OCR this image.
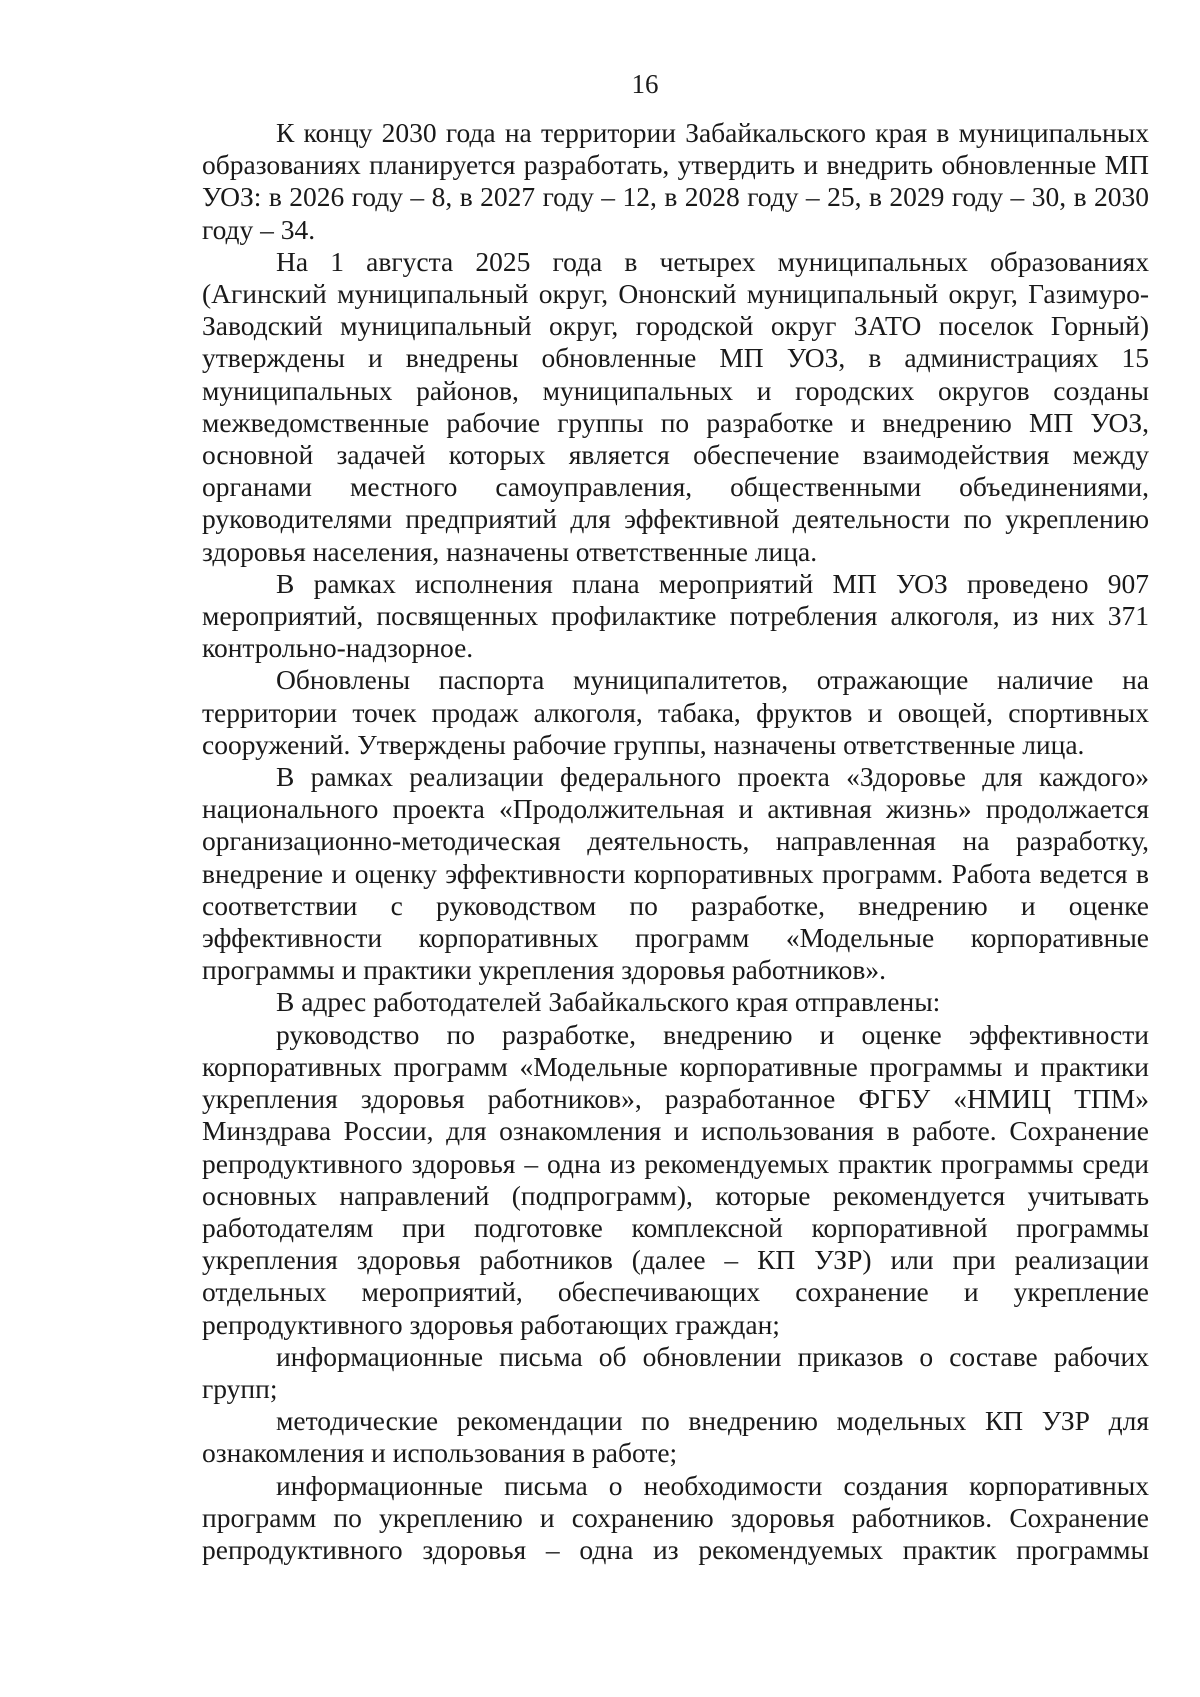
16

К концу 2030 года на территории Забайкальского края в муниципальных образованиях планируется разработать, утвердить и внедрить обновленные МП УОЗ: в 2026 году – 8, в 2027 году – 12, в 2028 году – 25, в 2029 году – 30, в 2030 году – 34.

На 1 августа 2025 года в четырех муниципальных образованиях (Агинский муниципальный округ, Ононский муниципальный округ, Газимуро-Заводский муниципальный округ, городской округ ЗАТО поселок Горный) утверждены и внедрены обновленные МП УОЗ, в администрациях 15 муниципальных районов, муниципальных и городских округов созданы межведомственные рабочие группы по разработке и внедрению МП УОЗ, основной задачей которых является обеспечение взаимодействия между органами местного самоуправления, общественными объединениями, руководителями предприятий для эффективной деятельности по укреплению здоровья населения, назначены ответственные лица.

В рамках исполнения плана мероприятий МП УОЗ проведено 907 мероприятий, посвященных профилактике потребления алкоголя, из них 371 контрольно-надзорное.

Обновлены паспорта муниципалитетов, отражающие наличие на территории точек продаж алкоголя, табака, фруктов и овощей, спортивных сооружений. Утверждены рабочие группы, назначены ответственные лица.

В рамках реализации федерального проекта «Здоровье для каждого» национального проекта «Продолжительная и активная жизнь» продолжается организационно-методическая деятельность, направленная на разработку, внедрение и оценку эффективности корпоративных программ. Работа ведется в соответствии с руководством по разработке, внедрению и оценке эффективности корпоративных программ «Модельные корпоративные программы и практики укрепления здоровья работников».

В адрес работодателей Забайкальского края отправлены:

руководство по разработке, внедрению и оценке эффективности корпоративных программ «Модельные корпоративные программы и практики укрепления здоровья работников», разработанное ФГБУ «НМИЦ ТПМ» Минздрава России, для ознакомления и использования в работе. Сохранение репродуктивного здоровья – одна из рекомендуемых практик программы среди основных направлений (подпрограмм), которые рекомендуется учитывать работодателям при подготовке комплексной корпоративной программы укрепления здоровья работников (далее – КП УЗР) или при реализации отдельных мероприятий, обеспечивающих сохранение и укрепление репродуктивного здоровья работающих граждан;

информационные письма об обновлении приказов о составе рабочих групп;

методические рекомендации по внедрению модельных КП УЗР для ознакомления и использования в работе;

информационные письма о необходимости создания корпоративных программ по укреплению и сохранению здоровья работников. Сохранение репродуктивного здоровья – одна из рекомендуемых практик программы
